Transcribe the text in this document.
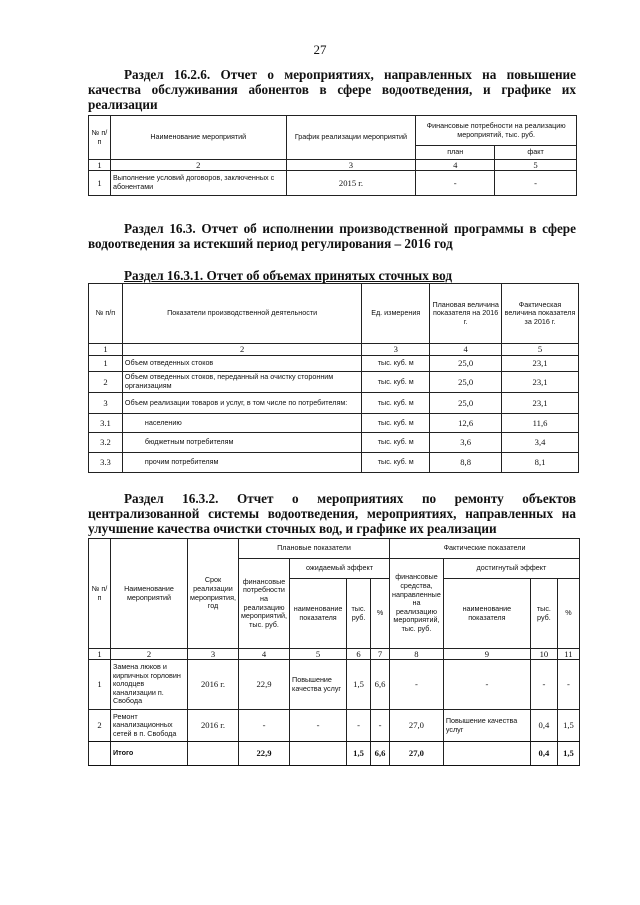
27
Раздел 16.2.6. Отчет о мероприятиях, направленных на повышение качества обслуживания абонентов в сфере водоотведения, и графике их реализации
№ п/п	Наименование мероприятий	График реализации мероприятий	Финансовые потребности на реализацию мероприятий, тыс. руб.	
			план	факт
1	2	3	4	5
1	Выполнение условий договоров, заключенных с абонентами	2015 г.	-	-
Раздел 16.3. Отчет об исполнении производственной программы в сфере водоотведения за истекший период регулирования – 2016 год
Раздел 16.3.1. Отчет об объемах принятых сточных вод
№ п/п	Показатели производственной деятельности	Ед. измерения	Плановая величина показателя на 2016 г.	Фактическая величина показателя за 2016 г.
1	2	3	4	5
1	Объем отведенных стоков	тыс. куб. м	25,0	23,1
2	Объем отведенных стоков, переданный на очистку сторонним организациям	тыс. куб. м	25,0	23,1
3	Объем реализации товаров и услуг, в том числе по потребителям:	тыс. куб. м	25,0	23,1
3.1	населению	тыс. куб. м	12,6	11,6
3.2	бюджетным потребителям	тыс. куб. м	3,6	3,4
3.3	прочим потребителям	тыс. куб. м	8,8	8,1
Раздел 16.3.2. Отчет о мероприятиях по ремонту объектов централизованной системы водоотведения, мероприятиях, направленных на улучшение качества очистки сточных вод, и графике их реализации
№ п/п	Наименование мероприятий	Срок реализации мероприятия, год	Плановые показатели				Фактические показатели			
			финансовые потребности на реализацию мероприятий, тыс. руб.	ожидаемый эффект			финансовые средства, направленные на реализацию мероприятий, тыс. руб.	достигнутый эффект		
				наименование показателя	тыс. руб.	%		наименование показателя	тыс. руб.	%
1	2	3	4	5	6	7	8	9	10	11
1	Замена люков и кирпичных горловин колодцев канализации п. Свобода	2016 г.	22,9	Повышение качества услуг	1,5	6,6	-	-	-	-
2	Ремонт канализационных сетей в п. Свобода	2016 г.	-	-	-	-	27,0	Повышение качества услуг	0,4	1,5
	Итого		22,9		1,5	6,6	27,0		0,4	1,5
